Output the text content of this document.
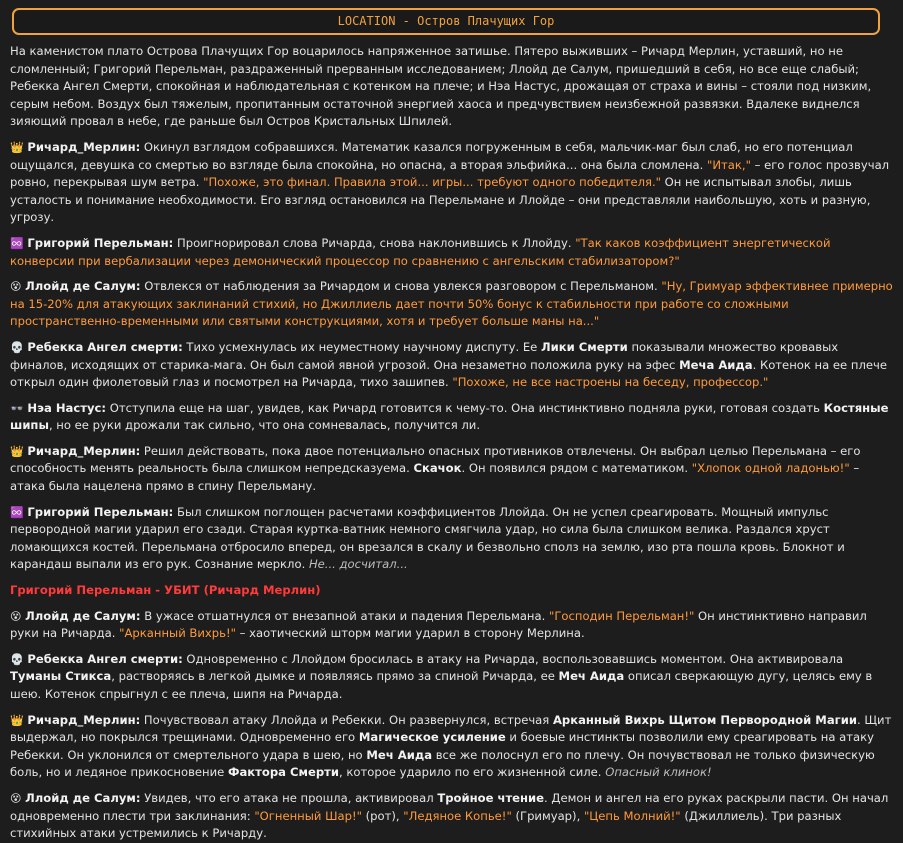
LOCATION - Остров Плачущих Гор

На каменистом плато Острова Плачущих Гор воцарилось напряженное затишье. Пятеро выживших – Ричард Мерлин, уставший, но не сломленный; Григорий Перельман, раздраженный прерванным исследованием; Ллойд де Салум, пришедший в себя, но все еще слабый; Ребекка Ангел Смерти, спокойная и наблюдательная с котенком на плече; и Нэа Настус, дрожащая от страха и вины – стояли под низким, серым небом. Воздух был тяжелым, пропитанным остаточной энергией хаоса и предчувствием неизбежной развязки. Вдалеке виднелся зияющий провал в небе, где раньше был Остров Кристальных Шпилей.

👑 Ричард_Мерлин: Окинул взглядом собравшихся. Математик казался погруженным в себя, мальчик-маг был слаб, но его потенциал ощущался, девушка со смертью во взгляде была спокойна, но опасна, а вторая эльфийка... она была сломлена. "Итак," – его голос прозвучал ровно, перекрывая шум ветра. "Похоже, это финал. Правила этой... игры... требуют одного победителя." Он не испытывал злобы, лишь усталость и понимание необходимости. Его взгляд остановился на Перельмане и Ллойде – они представляли наибольшую, хоть и разную, угрозу.

♾️ Григорий Перельман: Проигнорировал слова Ричарда, снова наклонившись к Ллойду. "Так каков коэффициент энергетической конверсии при вербализации через демонический процессор по сравнению с ангельским стабилизатором?"

😵 Ллойд де Салум: Отвлекся от наблюдения за Ричардом и снова увлекся разговором с Перельманом. "Ну, Гримуар эффективнее примерно на 15-20% для атакующих заклинаний стихий, но Джиллиель дает почти 50% бонус к стабильности при работе со сложными пространственно-временными или святыми конструкциями, хотя и требует больше маны на..."

💀 Ребекка Ангел смерти: Тихо усмехнулась их неуместному научному диспуту. Ее Лики Смерти показывали множество кровавых финалов, исходящих от старика-мага. Он был самой явной угрозой. Она незаметно положила руку на эфес Меча Аида. Котенок на ее плече открыл один фиолетовый глаз и посмотрел на Ричарда, тихо зашипев. "Похоже, не все настроены на беседу, профессор."

👓 Нэа Настус: Отступила еще на шаг, увидев, как Ричард готовится к чему-то. Она инстинктивно подняла руки, готовая создать Костяные шипы, но ее руки дрожали так сильно, что она сомневалась, получится ли.

👑 Ричард_Мерлин: Решил действовать, пока двое потенциально опасных противников отвлечены. Он выбрал целью Перельмана – его способность менять реальность была слишком непредсказуема. Скачок. Он появился рядом с математиком. "Хлопок одной ладонью!" – атака была нацелена прямо в спину Перельману.

♾️ Григорий Перельман: Был слишком поглощен расчетами коэффициентов Ллойда. Он не успел среагировать. Мощный импульс первородной магии ударил его сзади. Старая куртка-ватник немного смягчила удар, но сила была слишком велика. Раздался хруст ломающихся костей. Перельмана отбросило вперед, он врезался в скалу и безвольно сполз на землю, изо рта пошла кровь. Блокнот и карандаш выпали из его рук. Сознание меркло. Не... досчитал...

Григорий Перельман - УБИТ (Ричард Мерлин)

😵 Ллойд де Салум: В ужасе отшатнулся от внезапной атаки и падения Перельмана. "Господин Перельман!" Он инстинктивно направил руки на Ричарда. "Арканный Вихрь!" – хаотический шторм магии ударил в сторону Мерлина.

💀 Ребекка Ангел смерти: Одновременно с Ллойдом бросилась в атаку на Ричарда, воспользовавшись моментом. Она активировала Туманы Стикса, растворяясь в легкой дымке и появляясь прямо за спиной Ричарда, ее Меч Аида описал сверкающую дугу, целясь ему в шею. Котенок спрыгнул с ее плеча, шипя на Ричарда.

👑 Ричард_Мерлин: Почувствовал атаку Ллойда и Ребекки. Он развернулся, встречая Арканный Вихрь Щитом Первородной Магии. Щит выдержал, но покрылся трещинами. Одновременно его Магическое усиление и боевые инстинкты позволили ему среагировать на атаку Ребекки. Он уклонился от смертельного удара в шею, но Меч Аида все же полоснул его по плечу. Он почувствовал не только физическую боль, но и ледяное прикосновение Фактора Смерти, которое ударило по его жизненной силе. Опасный клинок!

😵 Ллойд де Салум: Увидев, что его атака не прошла, активировал Тройное чтение. Демон и ангел на его руках раскрыли пасти. Он начал одновременно плести три заклинания: "Огненный Шар!" (рот), "Ледяное Копье!" (Гримуар), "Цепь Молний!" (Джиллиель). Три разных стихийных атаки устремились к Ричарду.
